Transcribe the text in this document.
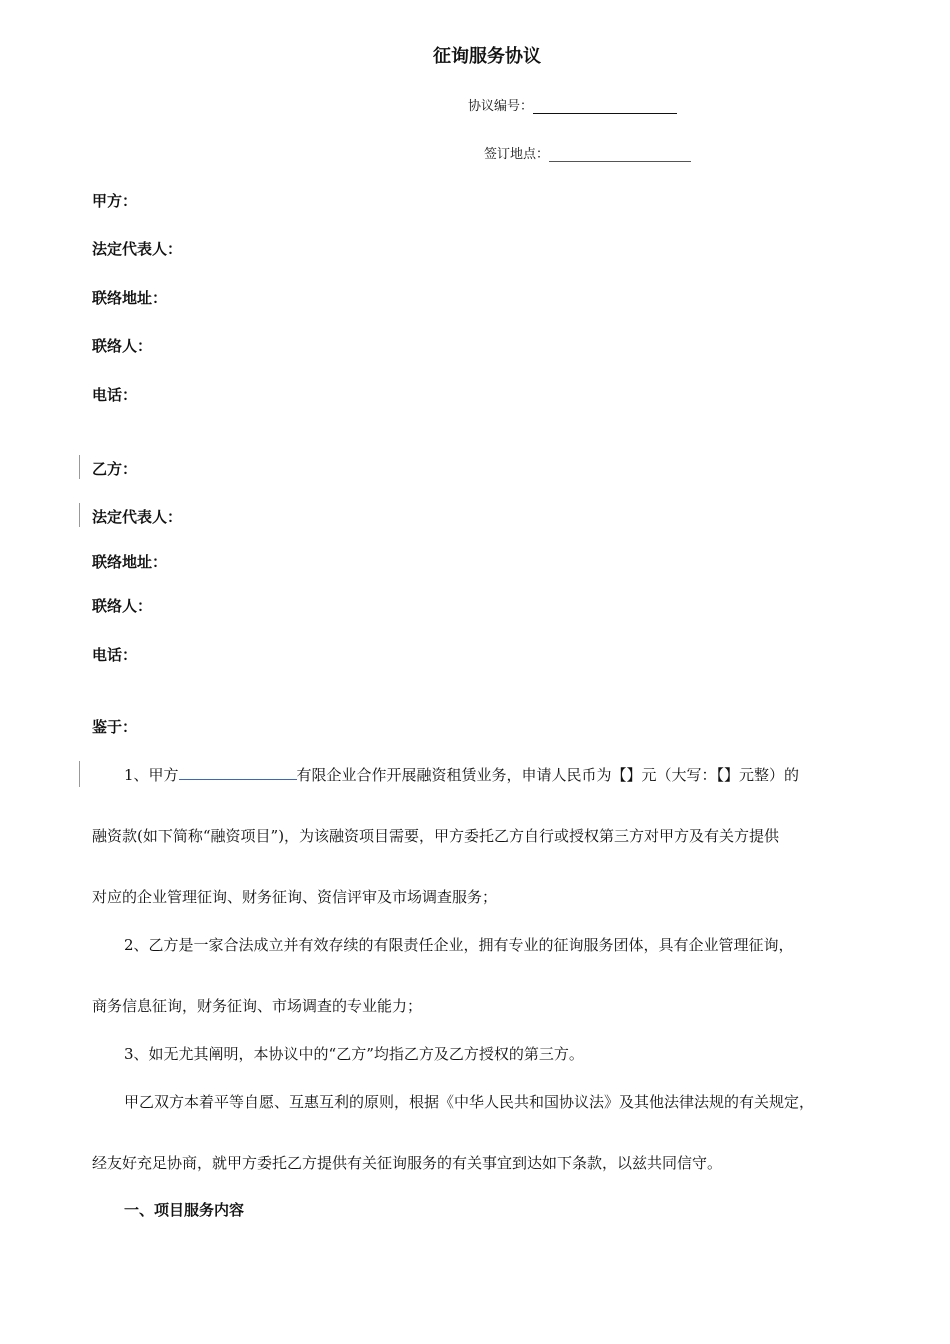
征询服务协议
协议编号：
签订地点：
甲方：
法定代表人：
联络地址：
联络人：
电话：
乙方：
法定代表人：
联络地址：
联络人：
电话：
鉴于：
1、甲方	有限企业合作开展融资租赁业务，申请人民币为【】元（大写：【】元整）的
融资款(如下简称“融资项目”)，为该融资项目需要，甲方委托乙方自行或授权第三方对甲方及有关方提供
对应的企业管理征询、财务征询、资信评审及市场调查服务；
2、乙方是一家合法成立并有效存续的有限责任企业，拥有专业的征询服务团体，具有企业管理征询，
商务信息征询，财务征询、市场调查的专业能力；
3、如无尤其阐明，本协议中的“乙方”均指乙方及乙方授权的第三方。
甲乙双方本着平等自愿、互惠互利的原则，根据《中华人民共和国协议法》及其他法律法规的有关规定，
经友好充足协商，就甲方委托乙方提供有关征询服务的有关事宜到达如下条款，以兹共同信守。
一、项目服务内容
